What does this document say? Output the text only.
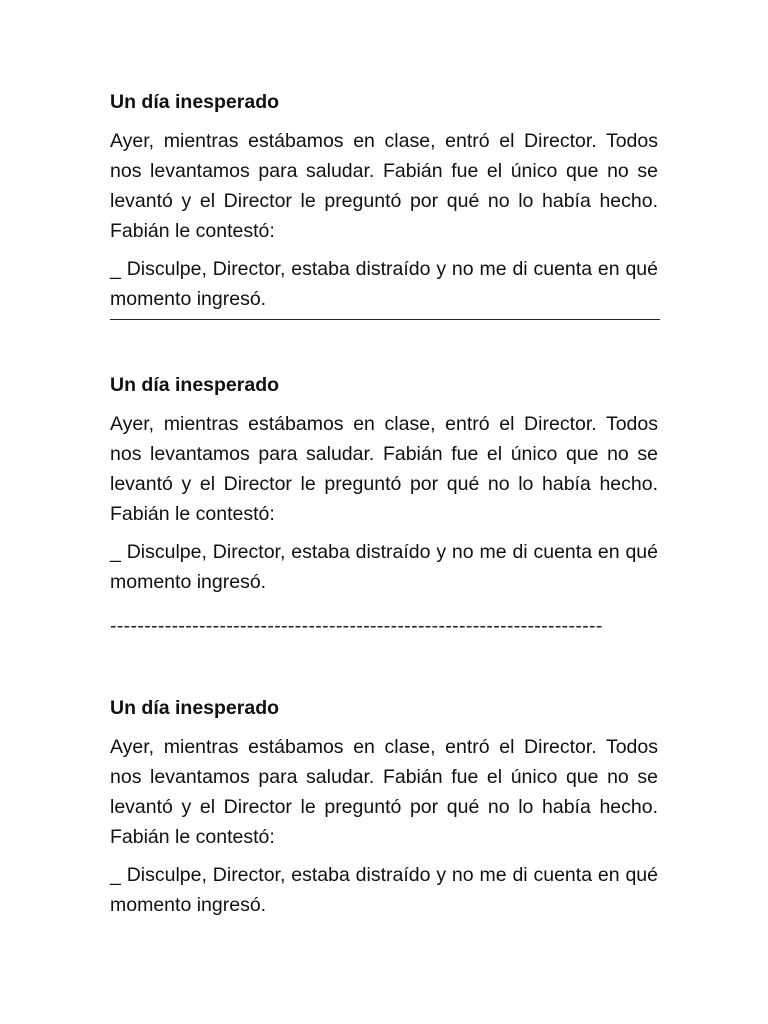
Un día inesperado

Ayer, mientras estábamos en clase, entró el Director. Todos nos levantamos para saludar. Fabián fue el único que no se levantó y el Director le preguntó por qué no lo había hecho. Fabián le contestó:

_ Disculpe, Director, estaba distraído y no me di cuenta en qué momento ingresó.

Un día inesperado

Ayer, mientras estábamos en clase, entró el Director. Todos nos levantamos para saludar. Fabián fue el único que no se levantó y el Director le preguntó por qué no lo había hecho. Fabián le contestó:

_ Disculpe, Director, estaba distraído y no me di cuenta en qué momento ingresó.

------------------------------------------------------------------------

Un día inesperado

Ayer, mientras estábamos en clase, entró el Director. Todos nos levantamos para saludar. Fabián fue el único que no se levantó y el Director le preguntó por qué no lo había hecho. Fabián le contestó:

_ Disculpe, Director, estaba distraído y no me di cuenta en qué momento ingresó.
